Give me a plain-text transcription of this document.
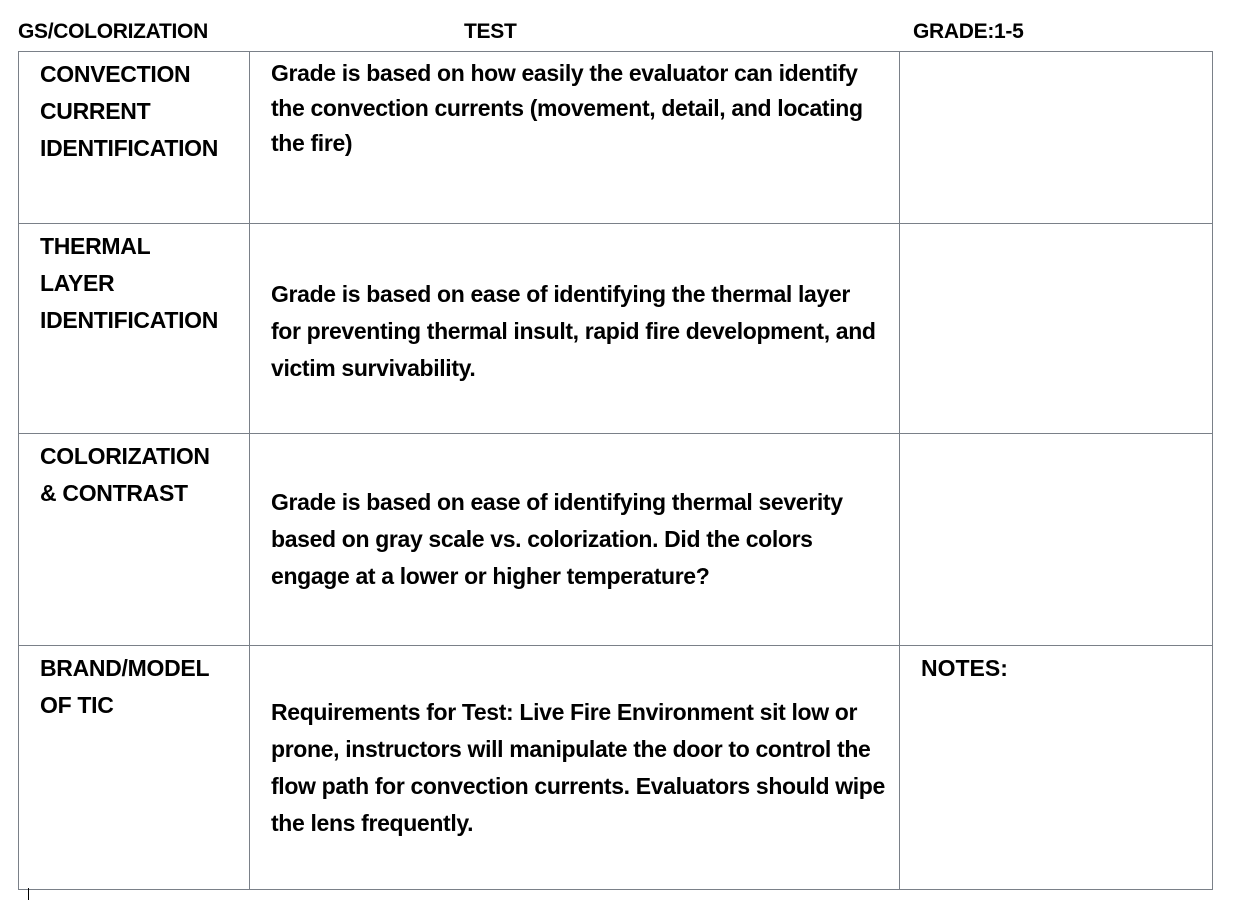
GS/COLORIZATION	TEST	GRADE:1-5
CONVECTION CURRENT IDENTIFICATION	Grade is based on how easily the evaluator can identify the convection currents (movement, detail, and locating the fire)	

THERMAL LAYER IDENTIFICATION	Grade is based on ease of identifying the thermal layer for preventing thermal insult, rapid fire development, and victim survivability.	

COLORIZATION & CONTRAST	Grade is based on ease of identifying thermal severity based on gray scale vs. colorization. Did the colors engage at a lower or higher temperature?	

BRAND/MODEL OF TIC	Requirements for Test: Live Fire Environment sit low or prone, instructors will manipulate the door to control the flow path for convection currents. Evaluators should wipe the lens frequently.	NOTES:
